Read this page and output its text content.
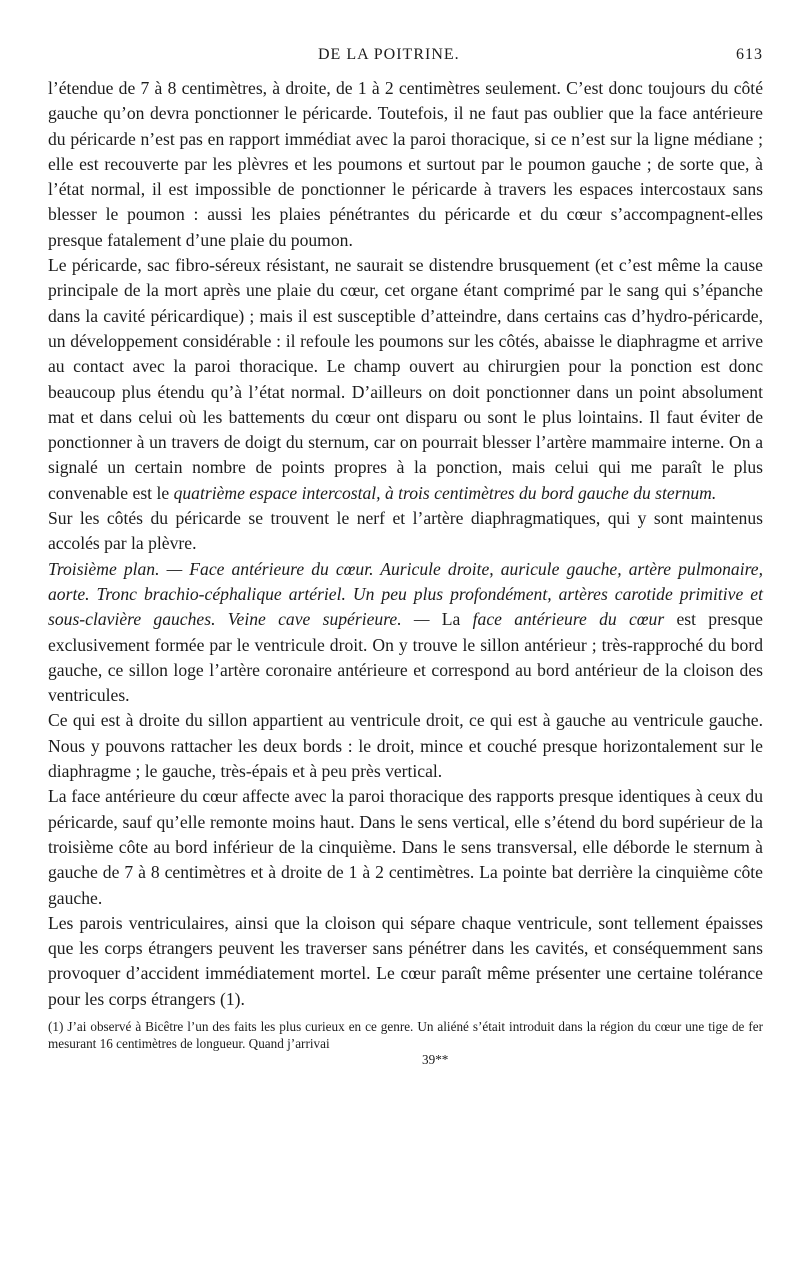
DE LA POITRINE.	613

l’étendue de 7 à 8 centimètres, à droite, de 1 à 2 centimètres seulement. C’est donc toujours du côté gauche qu’on devra ponctionner le péricarde. Toutefois, il ne faut pas oublier que la face antérieure du péricarde n’est pas en rapport immédiat avec la paroi thoracique, si ce n’est sur la ligne médiane ; elle est recouverte par les plèvres et les poumons et surtout par le poumon gauche ; de sorte que, à l’état normal, il est impossible de ponctionner le péricarde à travers les espaces intercostaux sans blesser le poumon : aussi les plaies pénétrantes du péricarde et du cœur s’accompagnent-elles presque fatalement d’une plaie du poumon.

Le péricarde, sac fibro-séreux résistant, ne saurait se distendre brusquement (et c’est même la cause principale de la mort après une plaie du cœur, cet organe étant comprimé par le sang qui s’épanche dans la cavité péricardique) ; mais il est susceptible d’atteindre, dans certains cas d’hydro-péricarde, un développement considérable : il refoule les poumons sur les côtés, abaisse le diaphragme et arrive au contact avec la paroi thoracique. Le champ ouvert au chirurgien pour la ponction est donc beaucoup plus étendu qu’à l’état normal. D’ailleurs on doit ponctionner dans un point absolument mat et dans celui où les battements du cœur ont disparu ou sont le plus lointains. Il faut éviter de ponctionner à un travers de doigt du sternum, car on pourrait blesser l’artère mammaire interne. On a signalé un certain nombre de points propres à la ponction, mais celui qui me paraît le plus convenable est le quatrième espace intercostal, à trois centimètres du bord gauche du sternum.

Sur les côtés du péricarde se trouvent le nerf et l’artère diaphragmatiques, qui y sont maintenus accolés par la plèvre.

Troisième plan. — Face antérieure du cœur. Auricule droite, auricule gauche, artère pulmonaire, aorte. Tronc brachio-céphalique artériel. Un peu plus profondément, artères carotide primitive et sous-clavière gauches. Veine cave supérieure. — La face antérieure du cœur est presque exclusivement formée par le ventricule droit. On y trouve le sillon antérieur ; très-rapproché du bord gauche, ce sillon loge l’artère coronaire antérieure et correspond au bord antérieur de la cloison des ventricules.

Ce qui est à droite du sillon appartient au ventricule droit, ce qui est à gauche au ventricule gauche. Nous y pouvons rattacher les deux bords : le droit, mince et couché presque horizontalement sur le diaphragme ; le gauche, très-épais et à peu près vertical.

La face antérieure du cœur affecte avec la paroi thoracique des rapports presque identiques à ceux du péricarde, sauf qu’elle remonte moins haut. Dans le sens vertical, elle s’étend du bord supérieur de la troisième côte au bord inférieur de la cinquième. Dans le sens transversal, elle déborde le sternum à gauche de 7 à 8 centimètres et à droite de 1 à 2 centimètres. La pointe bat derrière la cinquième côte gauche.

Les parois ventriculaires, ainsi que la cloison qui sépare chaque ventricule, sont tellement épaisses que les corps étrangers peuvent les traverser sans pénétrer dans les cavités, et conséquemment sans provoquer d’accident immédiatement mortel. Le cœur paraît même présenter une certaine tolérance pour les corps étrangers (1).

(1) J’ai observé à Bicêtre l’un des faits les plus curieux en ce genre. Un aliéné s’était introduit dans la région du cœur une tige de fer mesurant 16 centimètres de longueur. Quand j’arrivai
39**
